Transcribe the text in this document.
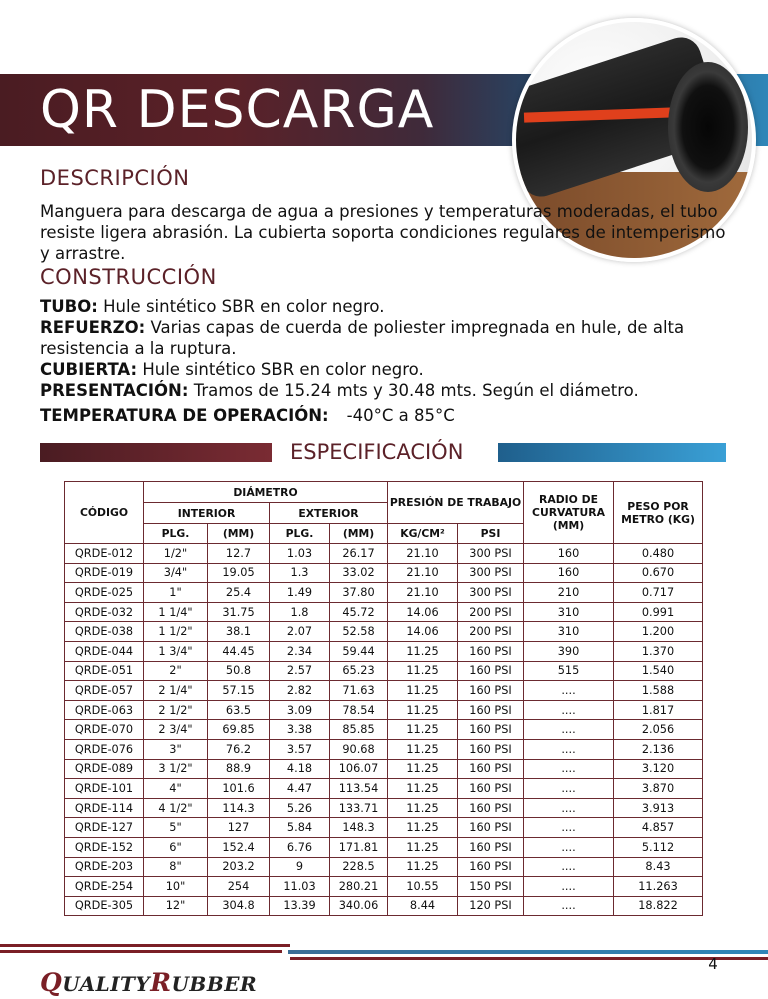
QR DESCARGA
DESCRIPCIÓN
Manguera para descarga de agua a presiones y temperaturas moderadas, el tubo resiste ligera abrasión. La cubierta soporta condiciones regulares de intemperismo y arrastre.
CONSTRUCCIÓN
TUBO: Hule sintético SBR en color negro.
REFUERZO: Varias capas de cuerda de poliester impregnada en hule, de alta
resistencia a la ruptura.
CUBIERTA: Hule sintético SBR en color negro.
PRESENTACIÓN: Tramos de 15.24 mts y 30.48 mts. Según el diámetro.
TEMPERATURA DE OPERACIÓN: -40°C a 85°C
ESPECIFICACIÓN
CÓDIGO	DIÁMETRO				PRESIÓN DE TRABAJO		RADIO DE CURVATURA (MM)	PESO POR METRO (KG)
	INTERIOR		EXTERIOR					
	PLG.	(MM)	PLG.	(MM)	KG/CM²	PSI		
QRDE-012	1/2"	12.7	1.03	26.17	21.10	300 PSI	160	0.480
QRDE-019	3/4"	19.05	1.3	33.02	21.10	300 PSI	160	0.670
QRDE-025	1"	25.4	1.49	37.80	21.10	300 PSI	210	0.717
QRDE-032	1 1/4"	31.75	1.8	45.72	14.06	200 PSI	310	0.991
QRDE-038	1 1/2"	38.1	2.07	52.58	14.06	200 PSI	310	1.200
QRDE-044	1 3/4"	44.45	2.34	59.44	11.25	160 PSI	390	1.370
QRDE-051	2"	50.8	2.57	65.23	11.25	160 PSI	515	1.540
QRDE-057	2 1/4"	57.15	2.82	71.63	11.25	160 PSI	....	1.588
QRDE-063	2 1/2"	63.5	3.09	78.54	11.25	160 PSI	....	1.817
QRDE-070	2 3/4"	69.85	3.38	85.85	11.25	160 PSI	....	2.056
QRDE-076	3"	76.2	3.57	90.68	11.25	160 PSI	....	2.136
QRDE-089	3 1/2"	88.9	4.18	106.07	11.25	160 PSI	....	3.120
QRDE-101	4"	101.6	4.47	113.54	11.25	160 PSI	....	3.870
QRDE-114	4 1/2"	114.3	5.26	133.71	11.25	160 PSI	....	3.913
QRDE-127	5"	127	5.84	148.3	11.25	160 PSI	....	4.857
QRDE-152	6"	152.4	6.76	171.81	11.25	160 PSI	....	5.112
QRDE-203	8"	203.2	9	228.5	11.25	160 PSI	....	8.43
QRDE-254	10"	254	11.03	280.21	10.55	150 PSI	....	11.263
QRDE-305	12"	304.8	13.39	340.06	8.44	120 PSI	....	18.822
4
QUALITYRUBBER
